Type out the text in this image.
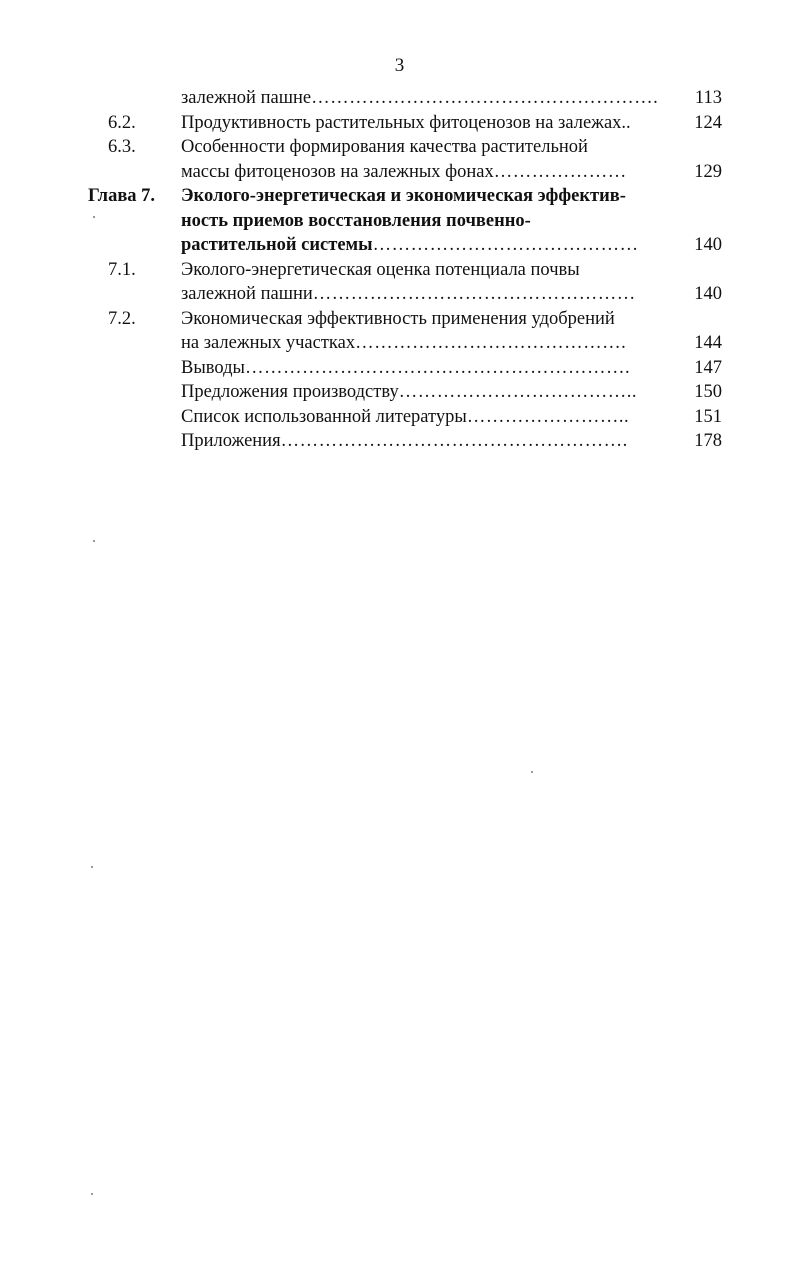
3
залежной пашне………………………………………………. 113
6.2. Продуктивность растительных фитоценозов на залежах..	124
6.3. Особенности формирования качества растительной
массы фитоценозов на залежных фонах…………………	129
Глава 7. Эколого-энергетическая и экономическая эффектив-
ность приемов восстановления почвенно-
растительной системы……………………………………	140
7.1. Эколого-энергетическая оценка потенциала почвы
залежной пашни……………………………………………	140
7.2. Экономическая эффективность применения удобрений
на залежных участках…………………………………….	144
Выводы…………………………………………………….	147
Предложения производству………………………………..	150
Список использованной литературы……………………..	151
Приложения……………………………………………….	178
